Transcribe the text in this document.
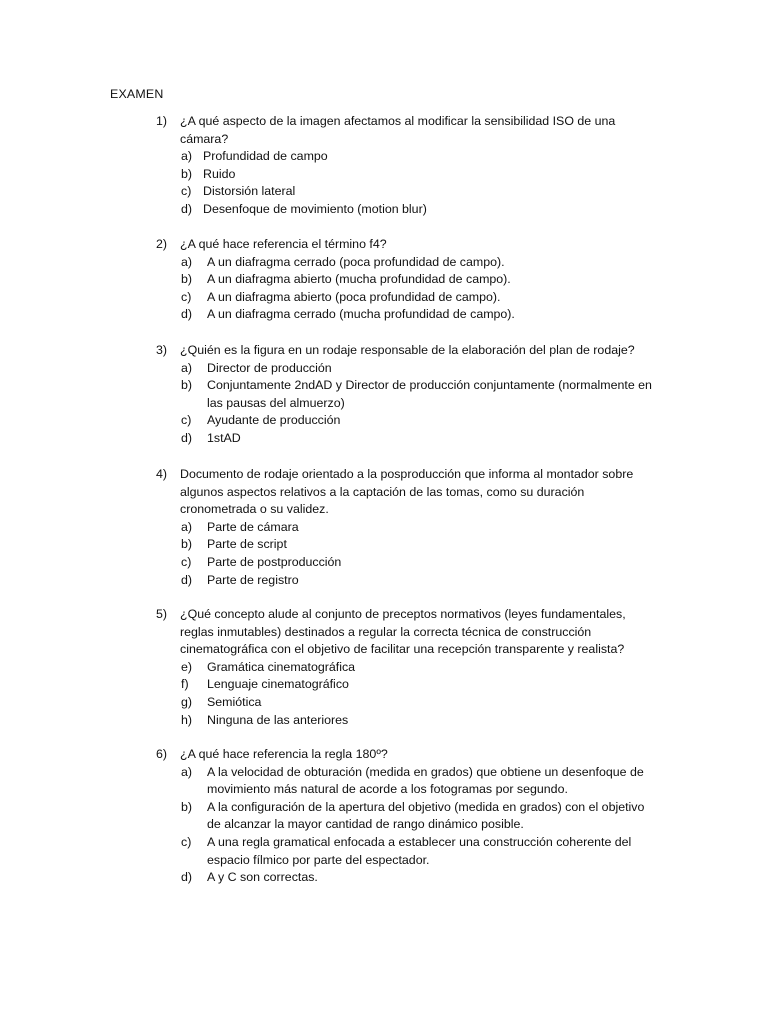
EXAMEN
1)	¿A qué aspecto de la imagen afectamos al modificar la sensibilidad ISO de una cámara?
a) Profundidad de campo
b) Ruido
c) Distorsión lateral
d) Desenfoque de movimiento (motion blur)
2)	¿A qué hace referencia el término f4?
a)	A un diafragma cerrado (poca profundidad de campo).
b)	A un diafragma abierto (mucha profundidad de campo).
c)	A un diafragma abierto (poca profundidad de campo).
d)	A un diafragma cerrado (mucha profundidad de campo).
3)	¿Quién es la figura en un rodaje responsable de la elaboración del plan de rodaje?
a)	Director de producción
b)	Conjuntamente 2ndAD y Director de producción conjuntamente (normalmente en las pausas del almuerzo)
c)	Ayudante de producción
d)	1stAD
4)	Documento de rodaje orientado a la posproducción que informa al montador sobre algunos aspectos relativos a la captación de las tomas, como su duración cronometrada o su validez.
a)	Parte de cámara
b)	Parte de script
c)	Parte de postproducción
d)	Parte de registro
5)	¿Qué concepto alude al conjunto de preceptos normativos (leyes fundamentales, reglas inmutables) destinados a regular la correcta técnica de construcción cinematográfica con el objetivo de facilitar una recepción transparente y realista?
e)	Gramática cinematográfica
f)	Lenguaje cinematográfico
g)	Semiótica
h)	Ninguna de las anteriores
6)	¿A qué hace referencia la regla 180º?
a)	A la velocidad de obturación (medida en grados) que obtiene un desenfoque de movimiento más natural de acorde a los fotogramas por segundo.
b)	A la configuración de la apertura del objetivo (medida en grados) con el objetivo de alcanzar la mayor cantidad de rango dinámico posible.
c)	A una regla gramatical enfocada a establecer una construcción coherente del espacio fílmico por parte del espectador.
d)	A y C son correctas.
